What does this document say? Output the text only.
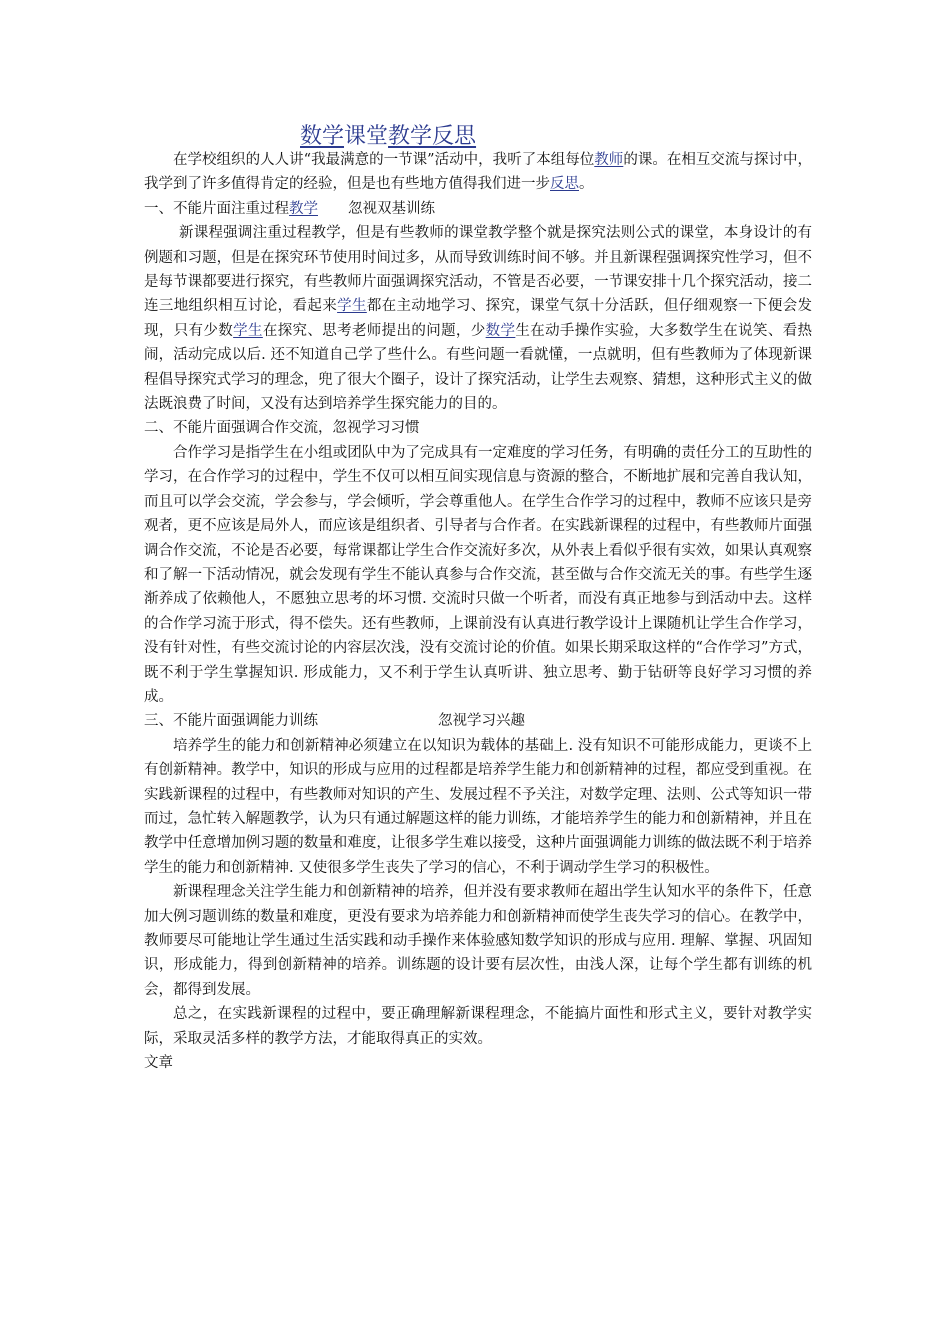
数学课堂教学反思

在学校组织的人人讲“我最满意的一节课”活动中，我听了本组每位教师的课。在相互交流与探讨中，我学到了许多值得肯定的经验，但是也有些地方值得我们进一步反思。

一、不能片面注重过程教学 忽视双基训练

新课程强调注重过程教学，但是有些教师的课堂教学整个就是探究法则公式的课堂，本身设计的有例题和习题，但是在探究环节使用时间过多，从而导致训练时间不够。并且新课程强调探究性学习，但不是每节课都要进行探究，有些教师片面强调探究活动，不管是否必要，一节课安排十几个探究活动，接二连三地组织相互讨论，看起来学生都在主动地学习、探究，课堂气氛十分活跃，但仔细观察一下便会发现，只有少数学生在探究、思考老师提出的问题，少数学生在动手操作实验，大多数学生在说笑、看热闹，活动完成以后. 还不知道自己学了些什么。有些问题一看就懂，一点就明，但有些教师为了体现新课程倡导探究式学习的理念，兜了很大个圈子，设计了探究活动，让学生去观察、猜想，这种形式主义的做法既浪费了时间，又没有达到培养学生探究能力的目的。

二、不能片面强调合作交流，忽视学习习惯

合作学习是指学生在小组或团队中为了完成具有一定难度的学习任务，有明确的责任分工的互助性的学习，在合作学习的过程中，学生不仅可以相互间实现信息与资源的整合，不断地扩展和完善自我认知，而且可以学会交流，学会参与，学会倾听，学会尊重他人。在学生合作学习的过程中，教师不应该只是旁观者，更不应该是局外人，而应该是组织者、引导者与合作者。在实践新课程的过程中，有些教师片面强调合作交流，不论是否必要，每常课都让学生合作交流好多次，从外表上看似乎很有实效，如果认真观察和了解一下活动情况，就会发现有学生不能认真参与合作交流，甚至做与合作交流无关的事。有些学生逐渐养成了依赖他人，不愿独立思考的坏习惯. 交流时只做一个听者，而没有真正地参与到活动中去。这样的合作学习流于形式，得不偿失。还有些教师，上课前没有认真进行教学设计上课随机让学生合作学习，没有针对性，有些交流讨论的内容层次浅，没有交流讨论的价值。如果长期采取这样的“合作学习”方式，既不利于学生掌握知识. 形成能力，又不利于学生认真听讲、独立思考、勤于钻研等良好学习习惯的养成。

三、不能片面强调能力训练	忽视学习兴趣

培养学生的能力和创新精神必须建立在以知识为载体的基础上. 没有知识不可能形成能力，更谈不上有创新精神。教学中，知识的形成与应用的过程都是培养学生能力和创新精神的过程，都应受到重视。在实践新课程的过程中，有些教师对知识的产生、发展过程不予关注，对数学定理、法则、公式等知识一带而过，急忙转入解题教学，认为只有通过解题这样的能力训练，才能培养学生的能力和创新精神，并且在教学中任意增加例习题的数量和难度，让很多学生难以接受，这种片面强调能力训练的做法既不利于培养学生的能力和创新精神. 又使很多学生丧失了学习的信心，不利于调动学生学习的积极性。

新课程理念关注学生能力和创新精神的培养，但并没有要求教师在超出学生认知水平的条件下，任意加大例习题训练的数量和难度，更没有要求为培养能力和创新精神而使学生丧失学习的信心。在教学中，教师要尽可能地让学生通过生活实践和动手操作来体验感知数学知识的形成与应用. 理解、掌握、巩固知识，形成能力，得到创新精神的培养。训练题的设计要有层次性，由浅人深，让每个学生都有训练的机会，都得到发展。

总之，在实践新课程的过程中，要正确理解新课程理念，不能搞片面性和形式主义，要针对教学实际，采取灵活多样的教学方法，才能取得真正的实效。

文章
